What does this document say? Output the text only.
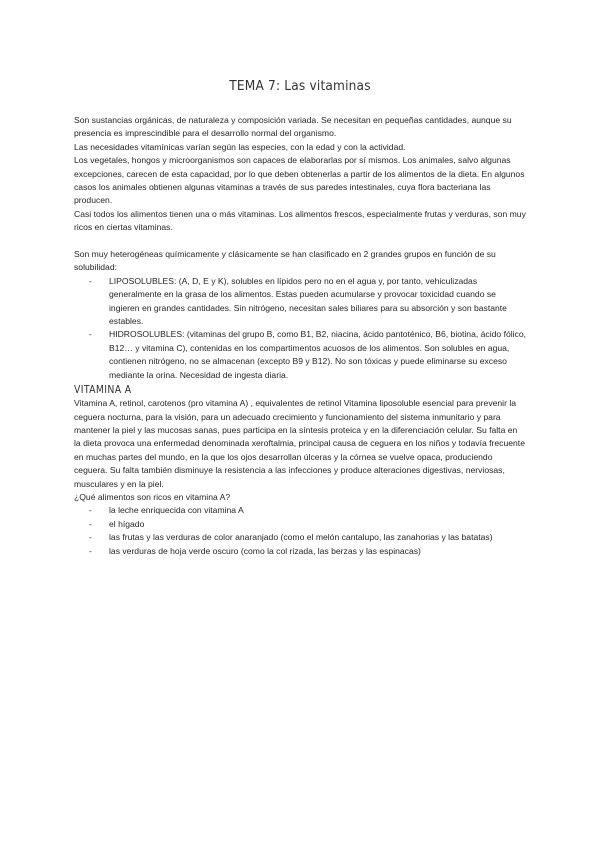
TEMA 7: Las vitaminas

Son sustancias orgánicas, de naturaleza y composición variada. Se necesitan en pequeñas cantidades, aunque su presencia es imprescindible para el desarrollo normal del organismo.

Las necesidades vitamínicas varían según las especies, con la edad y con la actividad.

Los vegetales, hongos y microorganismos son capaces de elaborarlas por sí mismos. Los animales, salvo algunas excepciones, carecen de esta capacidad, por lo que deben obtenerlas a partir de los alimentos de la dieta. En algunos casos los animales obtienen algunas vitaminas a través de sus paredes intestinales, cuya flora bacteriana las producen.

Casi todos los alimentos tienen una o más vitaminas. Los alimentos frescos, especialmente frutas y verduras, son muy ricos en ciertas vitaminas.

Son muy heterogéneas químicamente y clásicamente se han clasificado en 2 grandes grupos en función de su solubilidad:

- LIPOSOLUBLES: (A, D, E y K), solubles en lípidos pero no en el agua y, por tanto, vehiculizadas generalmente en la grasa de los alimentos. Estas pueden acumularse y provocar toxicidad cuando se ingieren en grandes cantidades. Sin nitrógeno, necesitan sales biliares para su absorción y son bastante estables.
- HIDROSOLUBLES: (vitaminas del grupo B, como B1, B2, niacina, ácido pantoténico, B6, biotina, ácido fólico, B12… y vitamina C), contenidas en los compartimentos acuosos de los alimentos. Son solubles en agua, contienen nitrógeno, no se almacenan (excepto B9 y B12). No son tóxicas y puede eliminarse su exceso mediante la orina. Necesidad de ingesta diaria.
VITAMINA A

Vitamina A, retinol, carotenos (pro vitamina A) , equivalentes de retinol Vitamina liposoluble esencial para prevenir la ceguera nocturna, para la visión, para un adecuado crecimiento y funcionamiento del sistema inmunitario y para mantener la piel y las mucosas sanas, pues participa en la síntesis proteica y en la diferenciación celular. Su falta en la dieta provoca una enfermedad denominada xeroftalmia, principal causa de ceguera en los niños y todavía frecuente en muchas partes del mundo, en la que los ojos desarrollan úlceras y la córnea se vuelve opaca, produciendo ceguera. Su falta también disminuye la resistencia a las infecciones y produce alteraciones digestivas, nerviosas, musculares y en la piel.

¿Qué alimentos son ricos en vitamina A?

- la leche enriquecida con vitamina A
- el hígado
- las frutas y las verduras de color anaranjado (como el melón cantalupo, las zanahorias y las batatas)
- las verduras de hoja verde oscuro (como la col rizada, las berzas y las espinacas)
